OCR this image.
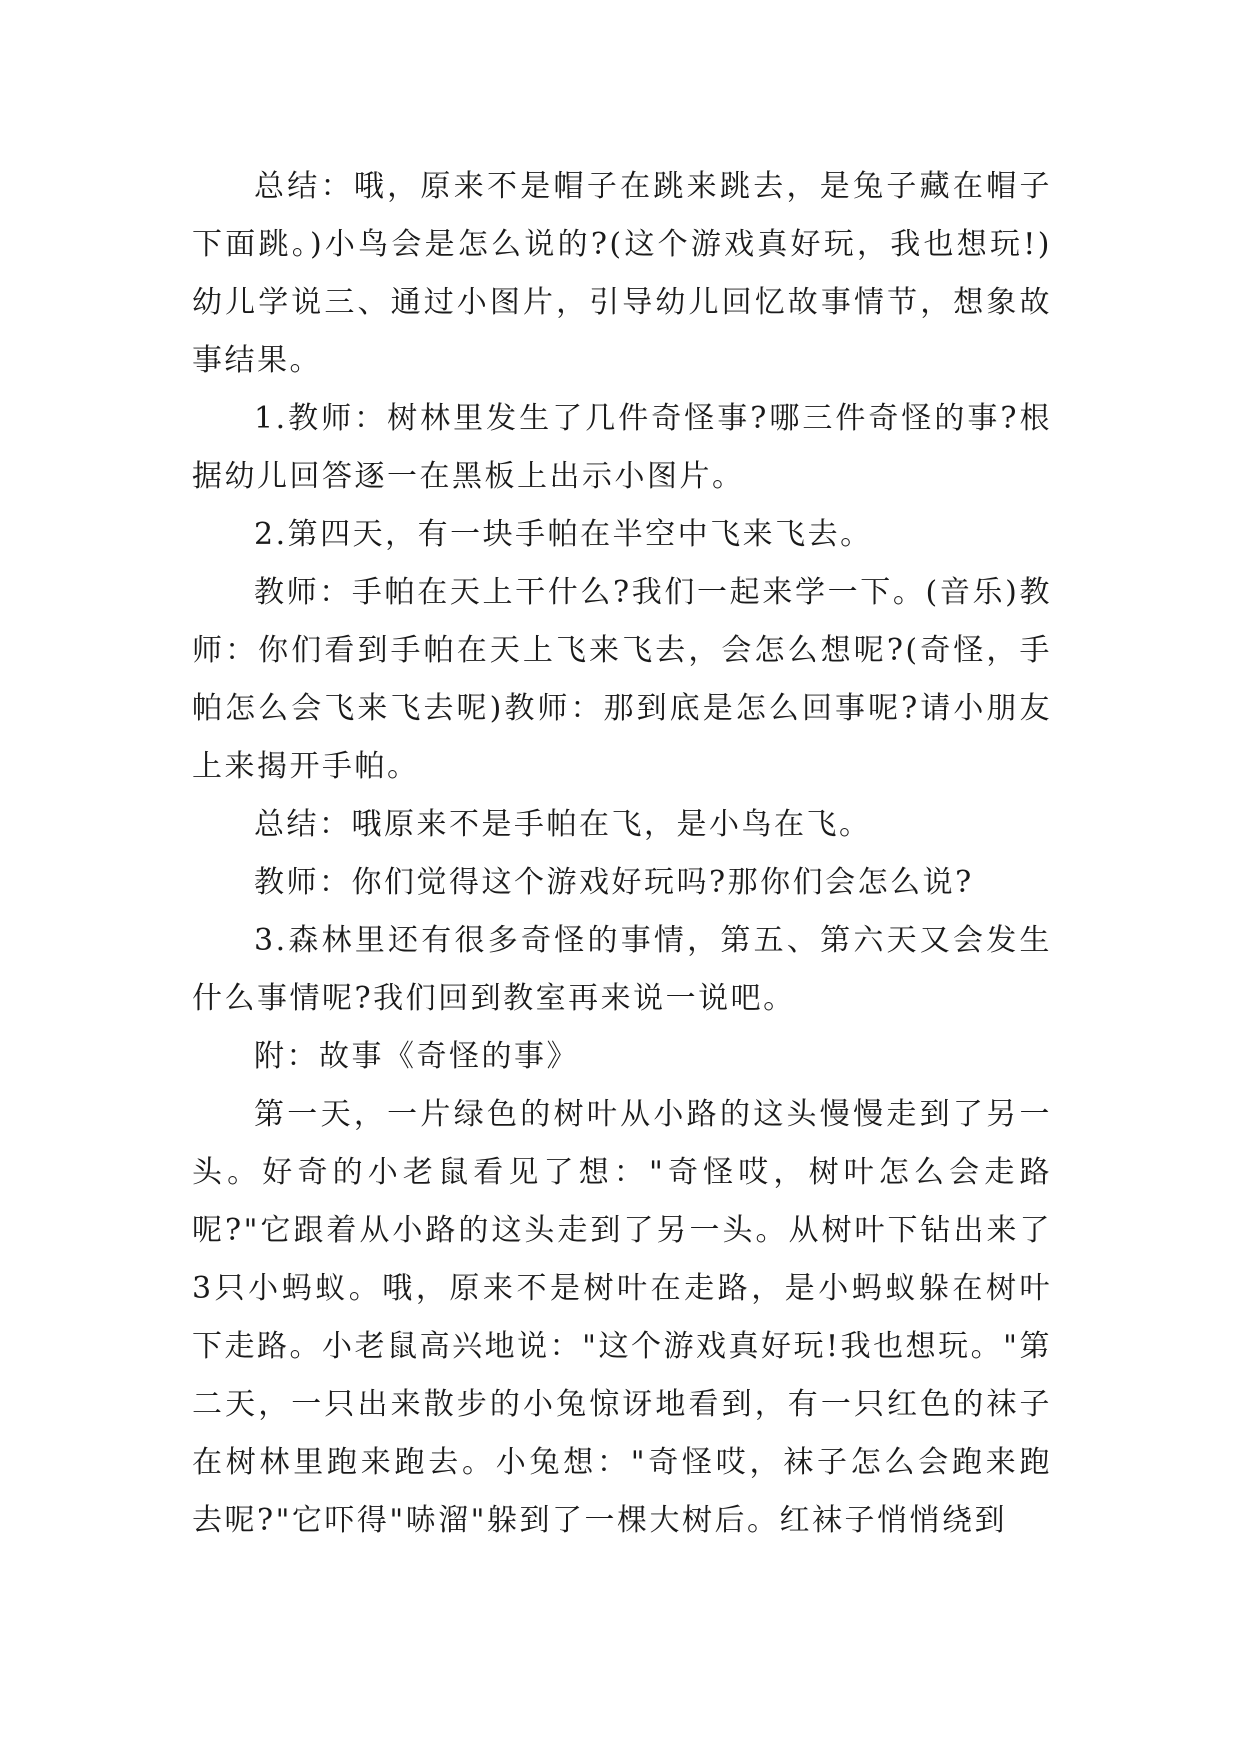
总结：哦，原来不是帽子在跳来跳去，是兔子藏在帽子下面跳。)小鸟会是怎么说的?(这个游戏真好玩，我也想玩!)幼儿学说三、通过小图片，引导幼儿回忆故事情节，想象故事结果。

1.教师：树林里发生了几件奇怪事?哪三件奇怪的事?根据幼儿回答逐一在黑板上出示小图片。

2.第四天，有一块手帕在半空中飞来飞去。

教师：手帕在天上干什么?我们一起来学一下。(音乐)教师：你们看到手帕在天上飞来飞去，会怎么想呢?(奇怪，手帕怎么会飞来飞去呢)教师：那到底是怎么回事呢?请小朋友上来揭开手帕。

总结：哦原来不是手帕在飞，是小鸟在飞。

教师：你们觉得这个游戏好玩吗?那你们会怎么说?

3.森林里还有很多奇怪的事情，第五、第六天又会发生什么事情呢?我们回到教室再来说一说吧。

附：故事《奇怪的事》

第一天，一片绿色的树叶从小路的这头慢慢走到了另一头。好奇的小老鼠看见了想："奇怪哎，树叶怎么会走路呢?"它跟着从小路的这头走到了另一头。从树叶下钻出来了3只小蚂蚁。哦，原来不是树叶在走路，是小蚂蚁躲在树叶下走路。小老鼠高兴地说："这个游戏真好玩!我也想玩。"第二天，一只出来散步的小兔惊讶地看到，有一只红色的袜子在树林里跑来跑去。小兔想："奇怪哎，袜子怎么会跑来跑去呢?"它吓得"哧溜"躲到了一棵大树后。红袜子悄悄绕到
